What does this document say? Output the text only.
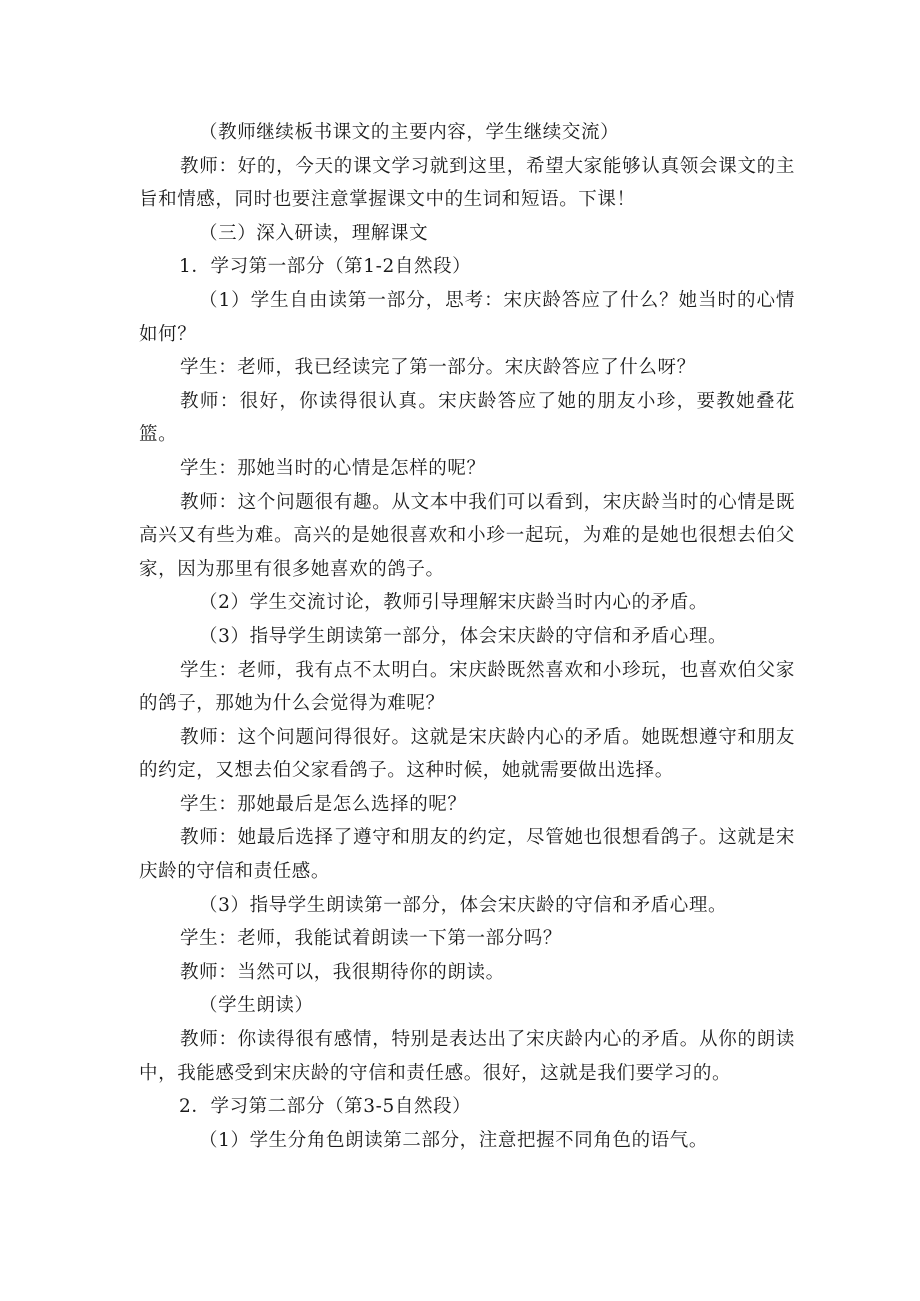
（教师继续板书课文的主要内容，学生继续交流）

教师：好的，今天的课文学习就到这里，希望大家能够认真领会课文的主旨和情感，同时也要注意掌握课文中的生词和短语。下课！

（三）深入研读，理解课文

1．学习第一部分（第1-2自然段）

（1）学生自由读第一部分，思考：宋庆龄答应了什么？她当时的心情如何？

学生：老师，我已经读完了第一部分。宋庆龄答应了什么呀？

教师：很好，你读得很认真。宋庆龄答应了她的朋友小珍，要教她叠花篮。

学生：那她当时的心情是怎样的呢？

教师：这个问题很有趣。从文本中我们可以看到，宋庆龄当时的心情是既高兴又有些为难。高兴的是她很喜欢和小珍一起玩，为难的是她也很想去伯父家，因为那里有很多她喜欢的鸽子。

（2）学生交流讨论，教师引导理解宋庆龄当时内心的矛盾。

（3）指导学生朗读第一部分，体会宋庆龄的守信和矛盾心理。

学生：老师，我有点不太明白。宋庆龄既然喜欢和小珍玩，也喜欢伯父家的鸽子，那她为什么会觉得为难呢？

教师：这个问题问得很好。这就是宋庆龄内心的矛盾。她既想遵守和朋友的约定，又想去伯父家看鸽子。这种时候，她就需要做出选择。

学生：那她最后是怎么选择的呢？

教师：她最后选择了遵守和朋友的约定，尽管她也很想看鸽子。这就是宋庆龄的守信和责任感。

（3）指导学生朗读第一部分，体会宋庆龄的守信和矛盾心理。

学生：老师，我能试着朗读一下第一部分吗？

教师：当然可以，我很期待你的朗读。

（学生朗读）

教师：你读得很有感情，特别是表达出了宋庆龄内心的矛盾。从你的朗读中，我能感受到宋庆龄的守信和责任感。很好，这就是我们要学习的。

2．学习第二部分（第3-5自然段）

（1）学生分角色朗读第二部分，注意把握不同角色的语气。
